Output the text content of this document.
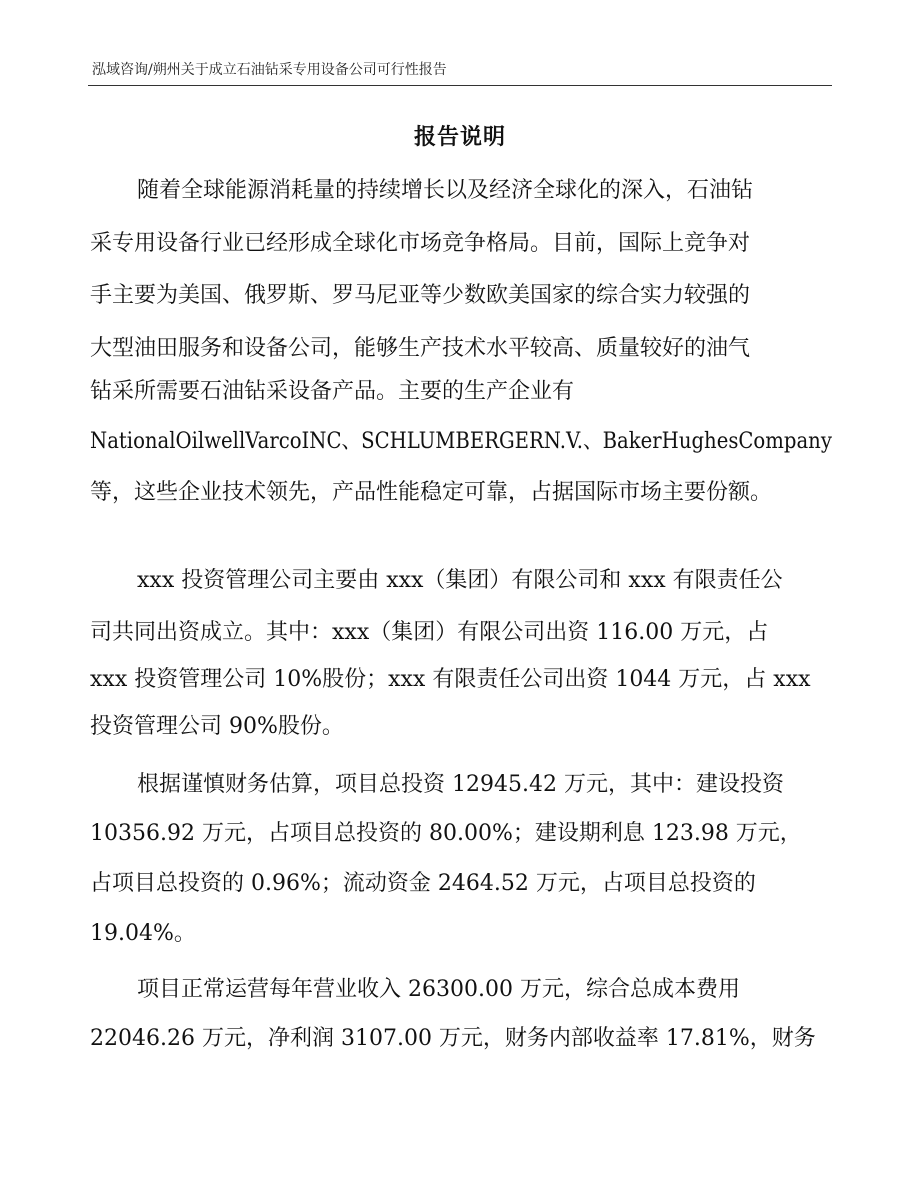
泓域咨询/朔州关于成立石油钻采专用设备公司可行性报告
报告说明
随着全球能源消耗量的持续增长以及经济全球化的深入，石油钻
采专用设备行业已经形成全球化市场竞争格局。目前，国际上竞争对
手主要为美国、俄罗斯、罗马尼亚等少数欧美国家的综合实力较强的
大型油田服务和设备公司，能够生产技术水平较高、质量较好的油气
钻采所需要石油钻采设备产品。主要的生产企业有
NationalOilwellVarcoINC、SCHLUMBERGERN.V.、BakerHughesCompany
等，这些企业技术领先，产品性能稳定可靠，占据国际市场主要份额。
xxx 投资管理公司主要由 xxx（集团）有限公司和 xxx 有限责任公
司共同出资成立。其中：xxx（集团）有限公司出资 116.00 万元，占
xxx 投资管理公司 10%股份；xxx 有限责任公司出资 1044 万元，占 xxx
投资管理公司 90%股份。
根据谨慎财务估算，项目总投资 12945.42 万元，其中：建设投资
10356.92 万元，占项目总投资的 80.00%；建设期利息 123.98 万元，
占项目总投资的 0.96%；流动资金 2464.52 万元，占项目总投资的
19.04%。
项目正常运营每年营业收入 26300.00 万元，综合总成本费用
22046.26 万元，净利润 3107.00 万元，财务内部收益率 17.81%，财务
